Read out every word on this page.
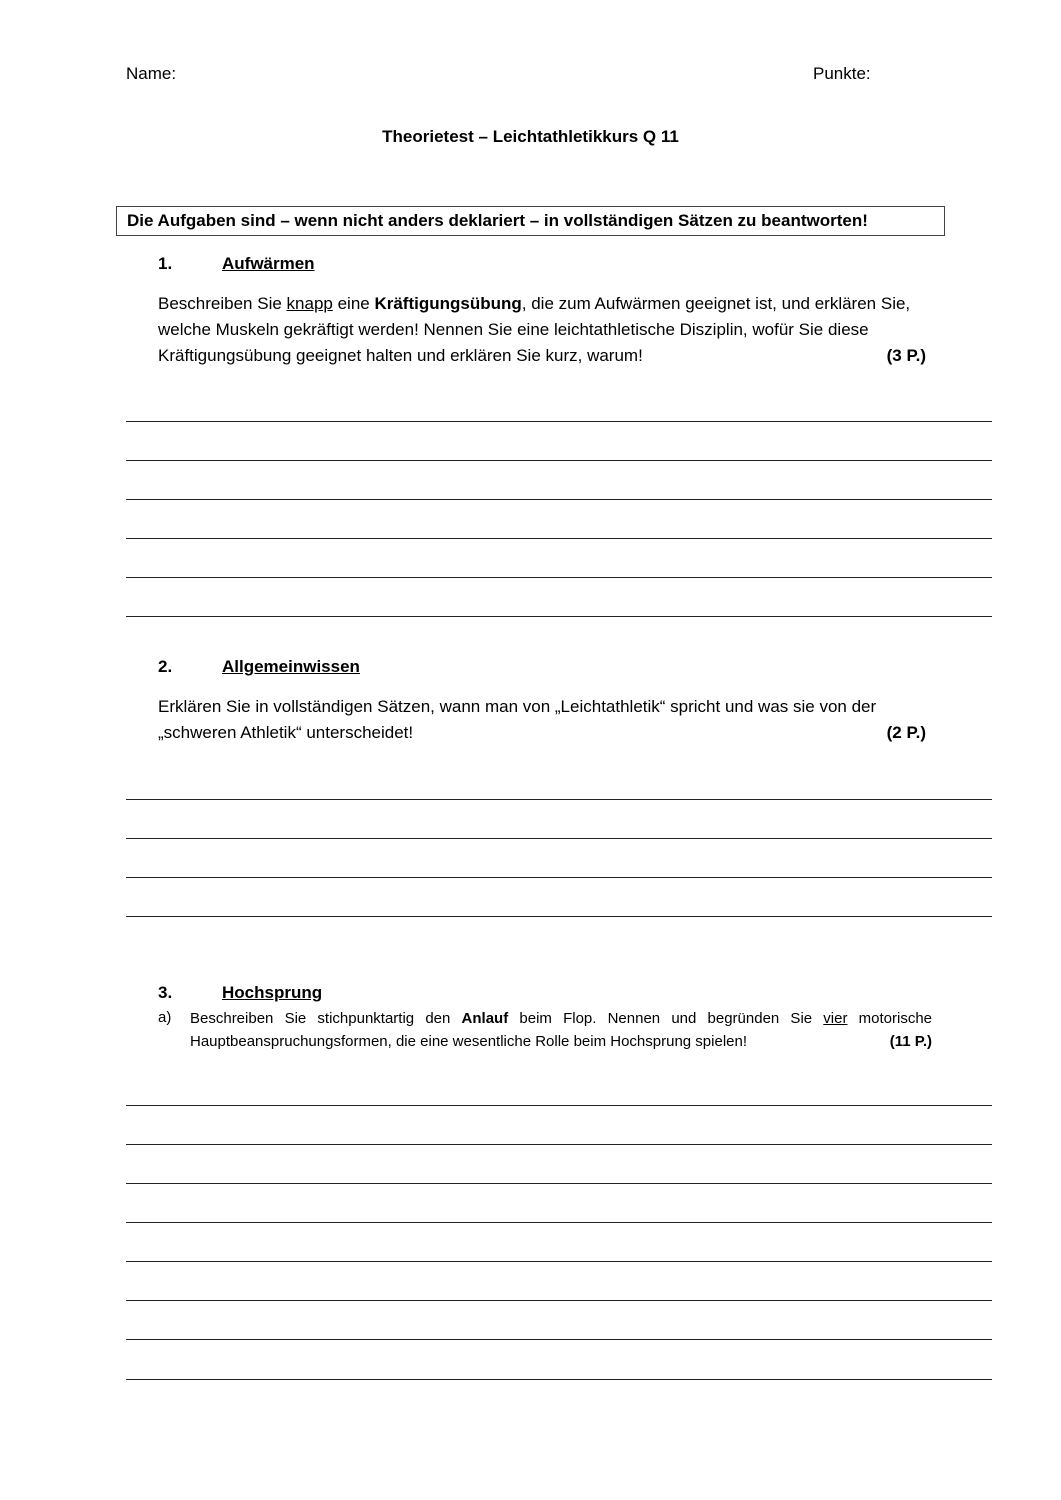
Name:	Punkte:
Theorietest – Leichtathletikkurs Q 11
Die Aufgaben sind – wenn nicht anders deklariert – in vollständigen Sätzen zu beantworten!
1.	Aufwärmen
Beschreiben Sie knapp eine Kräftigungsübung, die zum Aufwärmen geeignet ist, und erklären Sie, welche Muskeln gekräftigt werden! Nennen Sie eine leichtathletische Disziplin, wofür Sie diese Kräftigungsübung geeignet halten und erklären Sie kurz, warum!	(3 P.)
2.	Allgemeinwissen
Erklären Sie in vollständigen Sätzen, wann man von „Leichtathletik“ spricht und was sie von der „schweren Athletik“ unterscheidet!	(2 P.)
3.	Hochsprung
a) Beschreiben Sie stichpunktartig den Anlauf beim Flop. Nennen und begründen Sie vier motorische Hauptbeanspruchungsformen, die eine wesentliche Rolle beim Hochsprung spielen!	(11 P.)
